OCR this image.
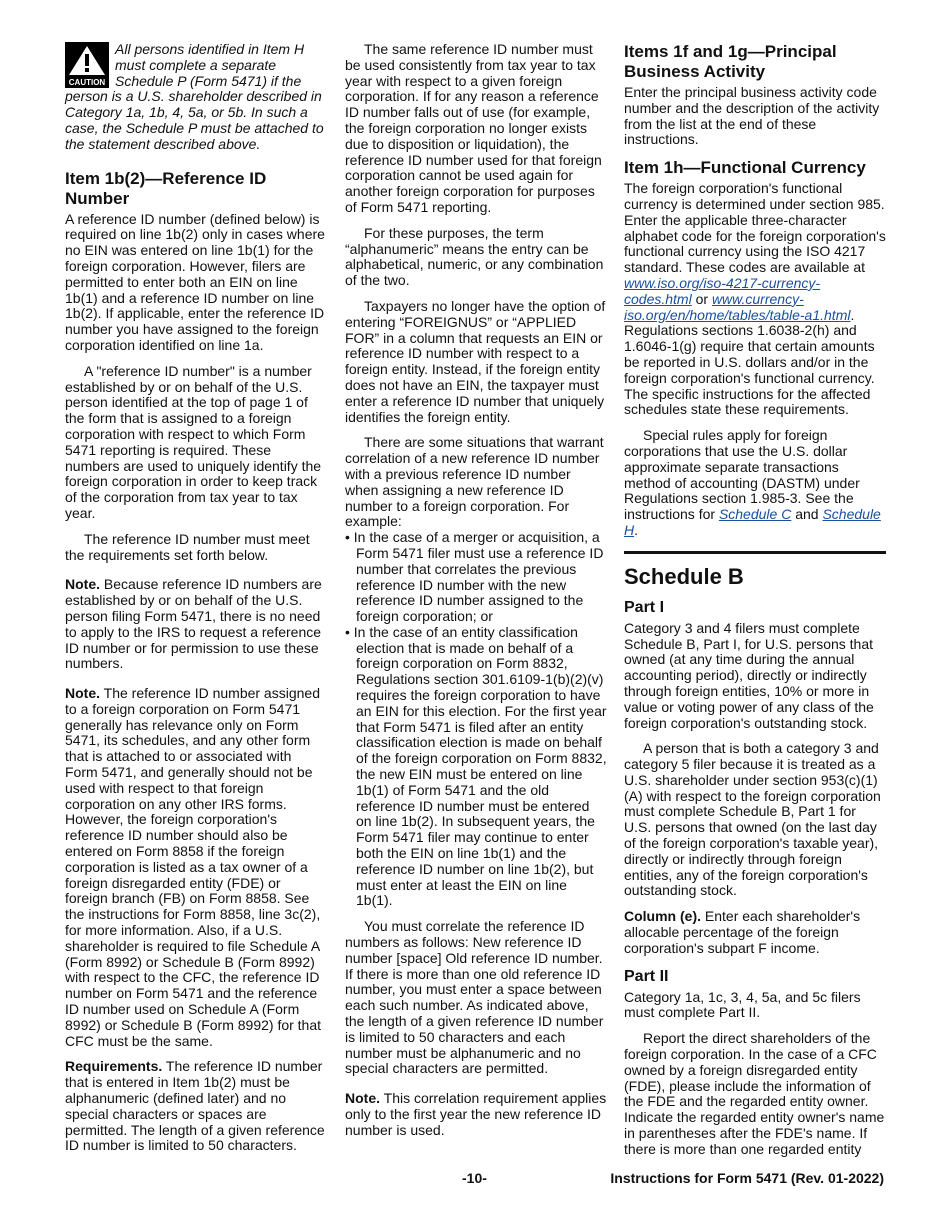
CAUTION

All persons identified in Item H must complete a separate Schedule P (Form 5471) if the person is a U.S. shareholder described in Category 1a, 1b, 4, 5a, or 5b. In such a case, the Schedule P must be attached to the statement described above.

Item 1b(2)—Reference ID Number

A reference ID number (defined below) is required on line 1b(2) only in cases where no EIN was entered on line 1b(1) for the foreign corporation. However, filers are permitted to enter both an EIN on line 1b(1) and a reference ID number on line 1b(2). If applicable, enter the reference ID number you have assigned to the foreign corporation identified on line 1a.

A "reference ID number" is a number established by or on behalf of the U.S. person identified at the top of page 1 of the form that is assigned to a foreign corporation with respect to which Form 5471 reporting is required. These numbers are used to uniquely identify the foreign corporation in order to keep track of the corporation from tax year to tax year.

The reference ID number must meet the requirements set forth below.

Note. Because reference ID numbers are established by or on behalf of the U.S. person filing Form 5471, there is no need to apply to the IRS to request a reference ID number or for permission to use these numbers.

Note. The reference ID number assigned to a foreign corporation on Form 5471 generally has relevance only on Form 5471, its schedules, and any other form that is attached to or associated with Form 5471, and generally should not be used with respect to that foreign corporation on any other IRS forms. However, the foreign corporation's reference ID number should also be entered on Form 8858 if the foreign corporation is listed as a tax owner of a foreign disregarded entity (FDE) or foreign branch (FB) on Form 8858. See the instructions for Form 8858, line 3c(2), for more information. Also, if a U.S. shareholder is required to file Schedule A (Form 8992) or Schedule B (Form 8992) with respect to the CFC, the reference ID number on Form 5471 and the reference ID number used on Schedule A (Form 8992) or Schedule B (Form 8992) for that CFC must be the same.

Requirements. The reference ID number that is entered in Item 1b(2) must be alphanumeric (defined later) and no special characters or spaces are permitted. The length of a given reference ID number is limited to 50 characters.

The same reference ID number must be used consistently from tax year to tax year with respect to a given foreign corporation. If for any reason a reference ID number falls out of use (for example, the foreign corporation no longer exists due to disposition or liquidation), the reference ID number used for that foreign corporation cannot be used again for another foreign corporation for purposes of Form 5471 reporting.

For these purposes, the term “alphanumeric” means the entry can be alphabetical, numeric, or any combination of the two.

Taxpayers no longer have the option of entering “FOREIGNUS” or “APPLIED FOR” in a column that requests an EIN or reference ID number with respect to a foreign entity. Instead, if the foreign entity does not have an EIN, the taxpayer must enter a reference ID number that uniquely identifies the foreign entity.

There are some situations that warrant correlation of a new reference ID number with a previous reference ID number when assigning a new reference ID number to a foreign corporation. For example:

• In the case of a merger or acquisition, a Form 5471 filer must use a reference ID number that correlates the previous reference ID number with the new reference ID number assigned to the foreign corporation; or
• In the case of an entity classification election that is made on behalf of a foreign corporation on Form 8832, Regulations section 301.6109-1(b)(2)(v) requires the foreign corporation to have an EIN for this election. For the first year that Form 5471 is filed after an entity classification election is made on behalf of the foreign corporation on Form 8832, the new EIN must be entered on line 1b(1) of Form 5471 and the old reference ID number must be entered on line 1b(2). In subsequent years, the Form 5471 filer may continue to enter both the EIN on line 1b(1) and the reference ID number on line 1b(2), but must enter at least the EIN on line 1b(1).

You must correlate the reference ID numbers as follows: New reference ID number [space] Old reference ID number. If there is more than one old reference ID number, you must enter a space between each such number. As indicated above, the length of a given reference ID number is limited to 50 characters and each number must be alphanumeric and no special characters are permitted.

Note. This correlation requirement applies only to the first year the new reference ID number is used.

Items 1f and 1g—Principal Business Activity

Enter the principal business activity code number and the description of the activity from the list at the end of these instructions.

Item 1h—Functional Currency

The foreign corporation's functional currency is determined under section 985. Enter the applicable three-character alphabet code for the foreign corporation's functional currency using the ISO 4217 standard. These codes are available at www.iso.org/iso-4217-currency-codes.html or www.currency-iso.org/en/home/tables/table-a1.html. Regulations sections 1.6038-2(h) and 1.6046-1(g) require that certain amounts be reported in U.S. dollars and/or in the foreign corporation's functional currency. The specific instructions for the affected schedules state these requirements.

Special rules apply for foreign corporations that use the U.S. dollar approximate separate transactions method of accounting (DASTM) under Regulations section 1.985-3. See the instructions for Schedule C and Schedule H.

Schedule B
Part I

Category 3 and 4 filers must complete Schedule B, Part I, for U.S. persons that owned (at any time during the annual accounting period), directly or indirectly through foreign entities, 10% or more in value or voting power of any class of the foreign corporation's outstanding stock.

A person that is both a category 3 and category 5 filer because it is treated as a U.S. shareholder under section 953(c)(1)(A) with respect to the foreign corporation must complete Schedule B, Part 1 for U.S. persons that owned (on the last day of the foreign corporation's taxable year), directly or indirectly through foreign entities, any of the foreign corporation's outstanding stock.

Column (e). Enter each shareholder's allocable percentage of the foreign corporation's subpart F income.

Part II

Category 1a, 1c, 3, 4, 5a, and 5c filers must complete Part II.

Report the direct shareholders of the foreign corporation. In the case of a CFC owned by a foreign disregarded entity (FDE), please include the information of the FDE and the regarded entity owner. Indicate the regarded entity owner's name in parentheses after the FDE's name. If there is more than one regarded entity

-10-	Instructions for Form 5471 (Rev. 01-2022)
